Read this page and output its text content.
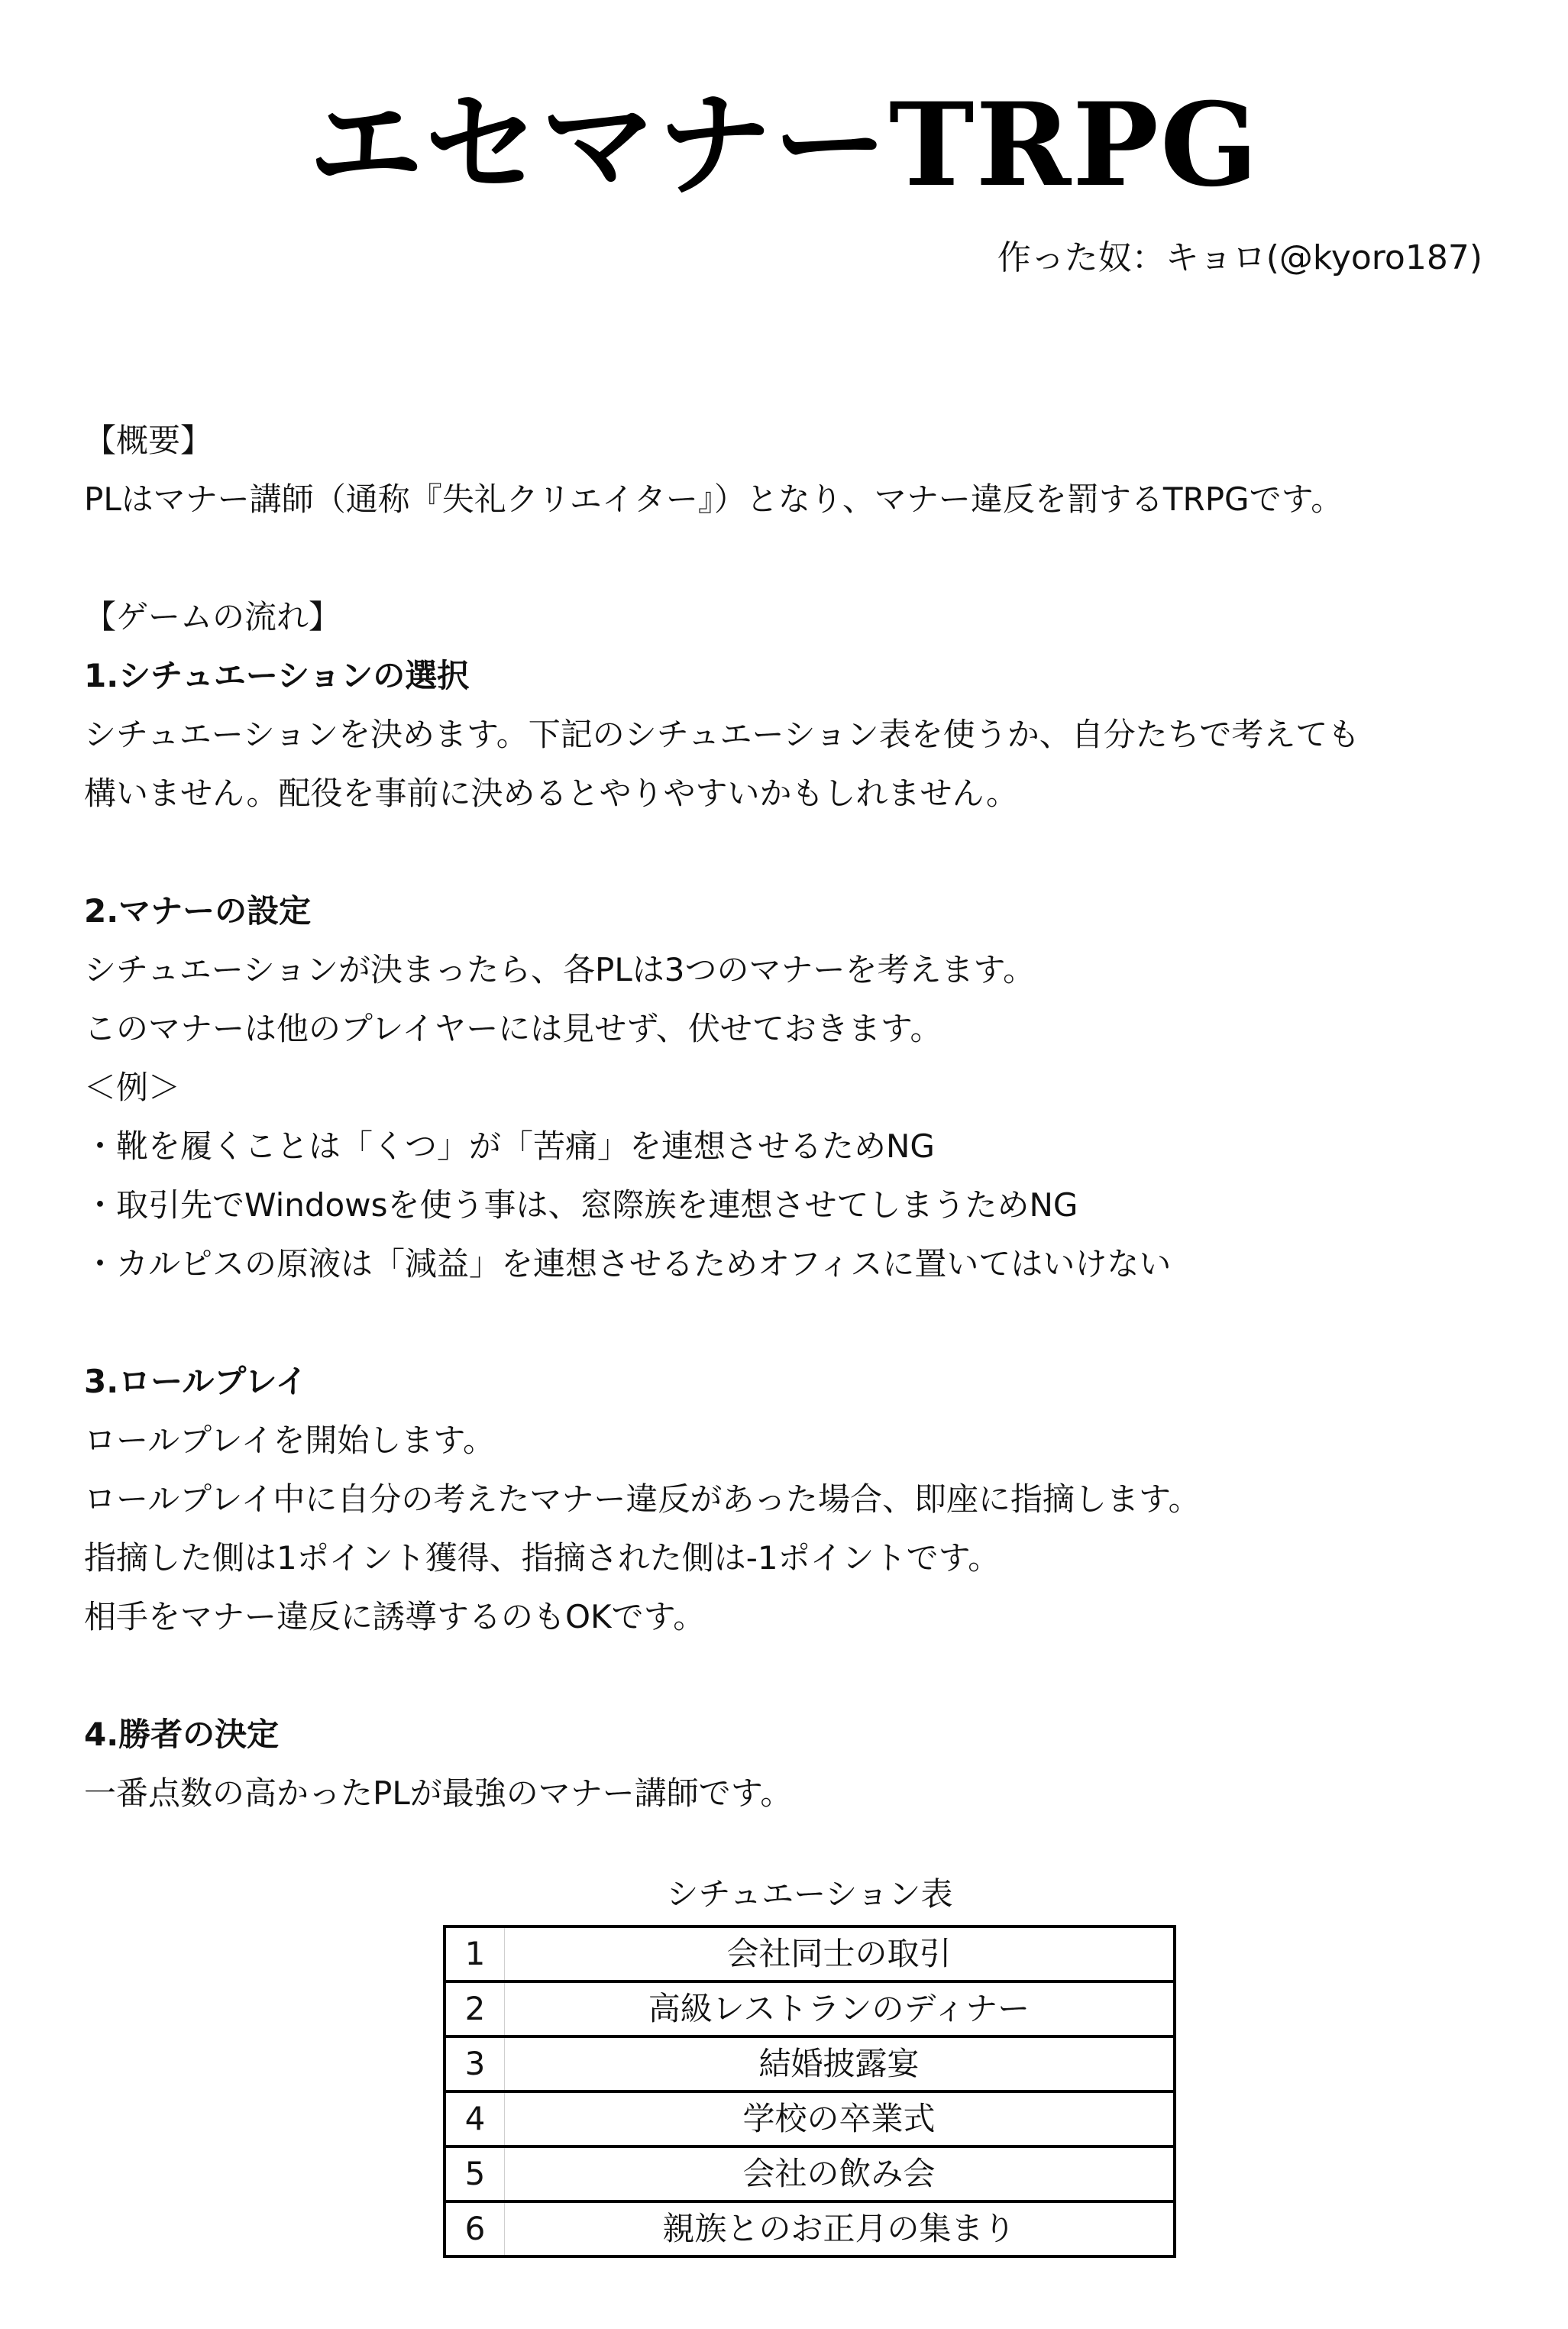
エセマナーTRPG
作った奴：キョロ(@kyoro187)
【概要】
PLはマナー講師（通称『失礼クリエイター』）となり、マナー違反を罰するTRPGです。
【ゲームの流れ】
1.シチュエーションの選択
シチュエーションを決めます。下記のシチュエーション表を使うか、自分たちで考えても
構いません。配役を事前に決めるとやりやすいかもしれません。
2.マナーの設定
シチュエーションが決まったら、各PLは3つのマナーを考えます。
このマナーは他のプレイヤーには見せず、伏せておきます。
＜例＞
・靴を履くことは「くつ」が「苦痛」を連想させるためNG
・取引先でWindowsを使う事は、窓際族を連想させてしまうためNG
・カルピスの原液は「減益」を連想させるためオフィスに置いてはいけない
3.ロールプレイ
ロールプレイを開始します。
ロールプレイ中に自分の考えたマナー違反があった場合、即座に指摘します。
指摘した側は1ポイント獲得、指摘された側は-1ポイントです。
相手をマナー違反に誘導するのもOKです。
4.勝者の決定
一番点数の高かったPLが最強のマナー講師です。
シチュエーション表
1	会社同士の取引
2	高級レストランのディナー
3	結婚披露宴
4	学校の卒業式
5	会社の飲み会
6	親族とのお正月の集まり
